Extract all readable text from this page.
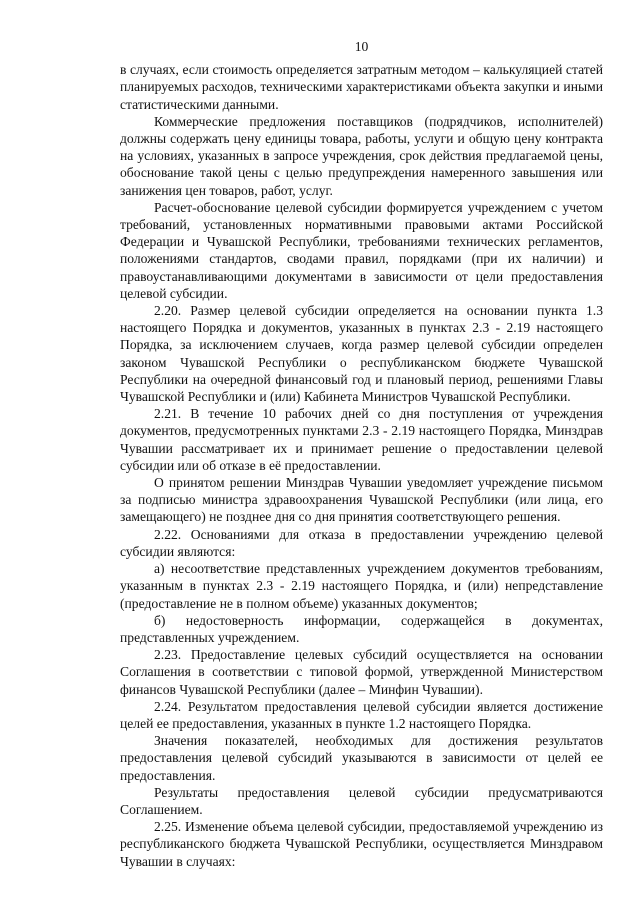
10

в случаях, если стоимость определяется затратным методом – калькуляцией статей планируемых расходов, техническими характеристиками объекта закупки и иными статистическими данными.

Коммерческие предложения поставщиков (подрядчиков, исполнителей) должны содержать цену единицы товара, работы, услуги и общую цену контракта на условиях, указанных в запросе учреждения, срок действия предлагаемой цены, обоснование такой цены с целью предупреждения намеренного завышения или занижения цен товаров, работ, услуг.

Расчет-обоснование целевой субсидии формируется учреждением с учетом требований, установленных нормативными правовыми актами Российской Федерации и Чувашской Республики, требованиями технических регламентов, положениями стандартов, сводами правил, порядками (при их наличии) и правоустанавливающими документами в зависимости от цели предоставления целевой субсидии.

2.20. Размер целевой субсидии определяется на основании пункта 1.3 настоящего Порядка и документов, указанных в пунктах 2.3 - 2.19 настоящего Порядка, за исключением случаев, когда размер целевой субсидии определен законом Чувашской Республики о республиканском бюджете Чувашской Республики на очередной финансовый год и плановый период, решениями Главы Чувашской Республики и (или) Кабинета Министров Чувашской Республики.

2.21. В течение 10 рабочих дней со дня поступления от учреждения документов, предусмотренных пунктами 2.3 - 2.19 настоящего Порядка, Минздрав Чувашии рассматривает их и принимает решение о предоставлении целевой субсидии или об отказе в её предоставлении.

О принятом решении Минздрав Чувашии уведомляет учреждение письмом за подписью министра здравоохранения Чувашской Республики (или лица, его замещающего) не позднее дня со дня принятия соответствующего решения.

2.22. Основаниями для отказа в предоставлении учреждению целевой субсидии являются:

а) несоответствие представленных учреждением документов требованиям, указанным в пунктах 2.3 - 2.19 настоящего Порядка, и (или) непредставление (предоставление не в полном объеме) указанных документов;

б) недостоверность информации, содержащейся в документах, представленных учреждением.

2.23. Предоставление целевых субсидий осуществляется на основании Соглашения в соответствии с типовой формой, утвержденной Министерством финансов Чувашской Республики (далее – Минфин Чувашии).

2.24. Результатом предоставления целевой субсидии является достижение целей ее предоставления, указанных в пункте 1.2 настоящего Порядка.

Значения показателей, необходимых для достижения результатов предоставления целевой субсидий указываются в зависимости от целей ее предоставления.

Результаты предоставления целевой субсидии предусматриваются Соглашением.

2.25. Изменение объема целевой субсидии, предоставляемой учреждению из республиканского бюджета Чувашской Республики, осуществляется Минздравом Чувашии в случаях:
